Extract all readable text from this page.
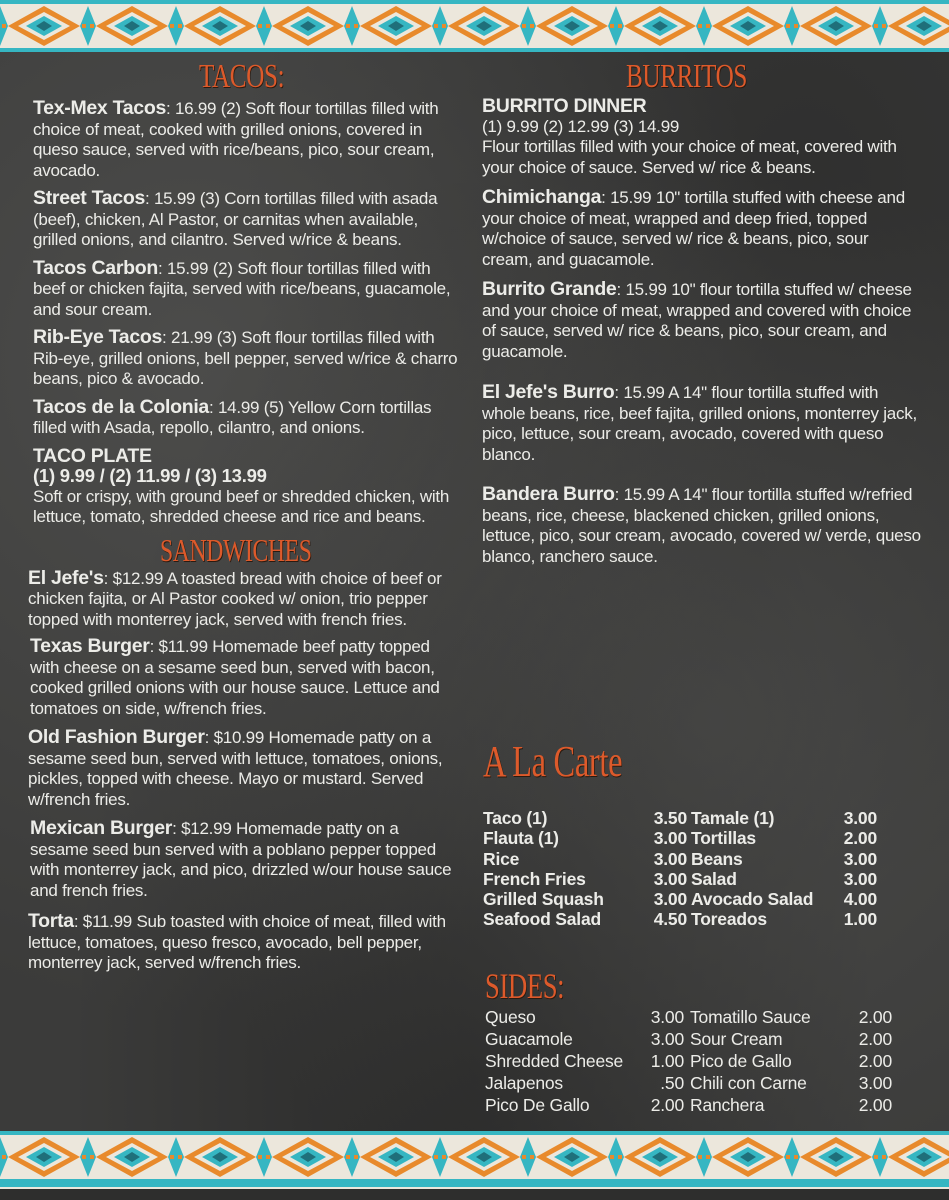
TACOS:
Tex-Mex Tacos: 16.99 (2) Soft flour tortillas filled with choice of meat, cooked with grilled onions, covered in queso sauce, served with rice/beans, pico, sour cream, avocado.
Street Tacos: 15.99 (3) Corn tortillas filled with asada (beef), chicken, Al Pastor, or carnitas when available, grilled onions, and cilantro. Served w/rice & beans.
Tacos Carbon: 15.99 (2) Soft flour tortillas filled with beef or chicken fajita, served with rice/beans, guacamole, and sour cream.
Rib-Eye Tacos: 21.99 (3) Soft flour tortillas filled with Rib-eye, grilled onions, bell pepper, served w/rice & charro beans, pico & avocado.
Tacos de la Colonia: 14.99 (5) Yellow Corn tortillas filled with Asada, repollo, cilantro, and onions.
TACO PLATE
(1) 9.99 / (2) 11.99 / (3) 13.99
Soft or crispy, with ground beef or shredded chicken, with lettuce, tomato, shredded cheese and rice and beans.
SANDWICHES
El Jefe's: $12.99 A toasted bread with choice of beef or chicken fajita, or Al Pastor cooked w/ onion, trio pepper topped with monterrey jack, served with french fries.
Texas Burger: $11.99 Homemade beef patty topped with cheese on a sesame seed bun, served with bacon, cooked grilled onions with our house sauce. Lettuce and tomatoes on side, w/french fries.
Old Fashion Burger: $10.99 Homemade patty on a sesame seed bun, served with lettuce, tomatoes, onions, pickles, topped with cheese. Mayo or mustard. Served w/french fries.
Mexican Burger: $12.99 Homemade patty on a sesame seed bun served with a poblano pepper topped with monterrey jack, and pico, drizzled w/our house sauce and french fries.
Torta: $11.99 Sub toasted with choice of meat, filled with lettuce, tomatoes, queso fresco, avocado, bell pepper, monterrey jack, served w/french fries.
BURRITOS
BURRITO DINNER
(1) 9.99 (2) 12.99 (3) 14.99
Flour tortillas filled with your choice of meat, covered with your choice of sauce. Served w/ rice & beans.
Chimichanga: 15.99 10" tortilla stuffed with cheese and your choice of meat, wrapped and deep fried, topped w/choice of sauce, served w/ rice & beans, pico, sour cream, and guacamole.
Burrito Grande: 15.99 10" flour tortilla stuffed w/ cheese and your choice of meat, wrapped and covered with choice of sauce, served w/ rice & beans, pico, sour cream, and guacamole.
El Jefe's Burro: 15.99 A 14" flour tortilla stuffed with whole beans, rice, beef fajita, grilled onions, monterrey jack, pico, lettuce, sour cream, avocado, covered with queso blanco.
Bandera Burro: 15.99 A 14" flour tortilla stuffed w/refried beans, rice, cheese, blackened chicken, grilled onions, lettuce, pico, sour cream, avocado, covered w/ verde, queso blanco, ranchero sauce.
A La Carte
Taco (1)	3.50 Tamale (1)	3.00
Flauta (1)	3.00 Tortillas	2.00
Rice	3.00 Beans	3.00
French Fries	3.00 Salad	3.00
Grilled Squash	3.00 Avocado Salad	4.00
Seafood Salad	4.50 Toreados	1.00
SIDES:
Queso	3.00 Tomatillo Sauce	2.00
Guacamole	3.00 Sour Cream	2.00
Shredded Cheese	1.00 Pico de Gallo	2.00
Jalapenos	.50 Chili con Carne	3.00
Pico De Gallo	2.00 Ranchera	2.00
